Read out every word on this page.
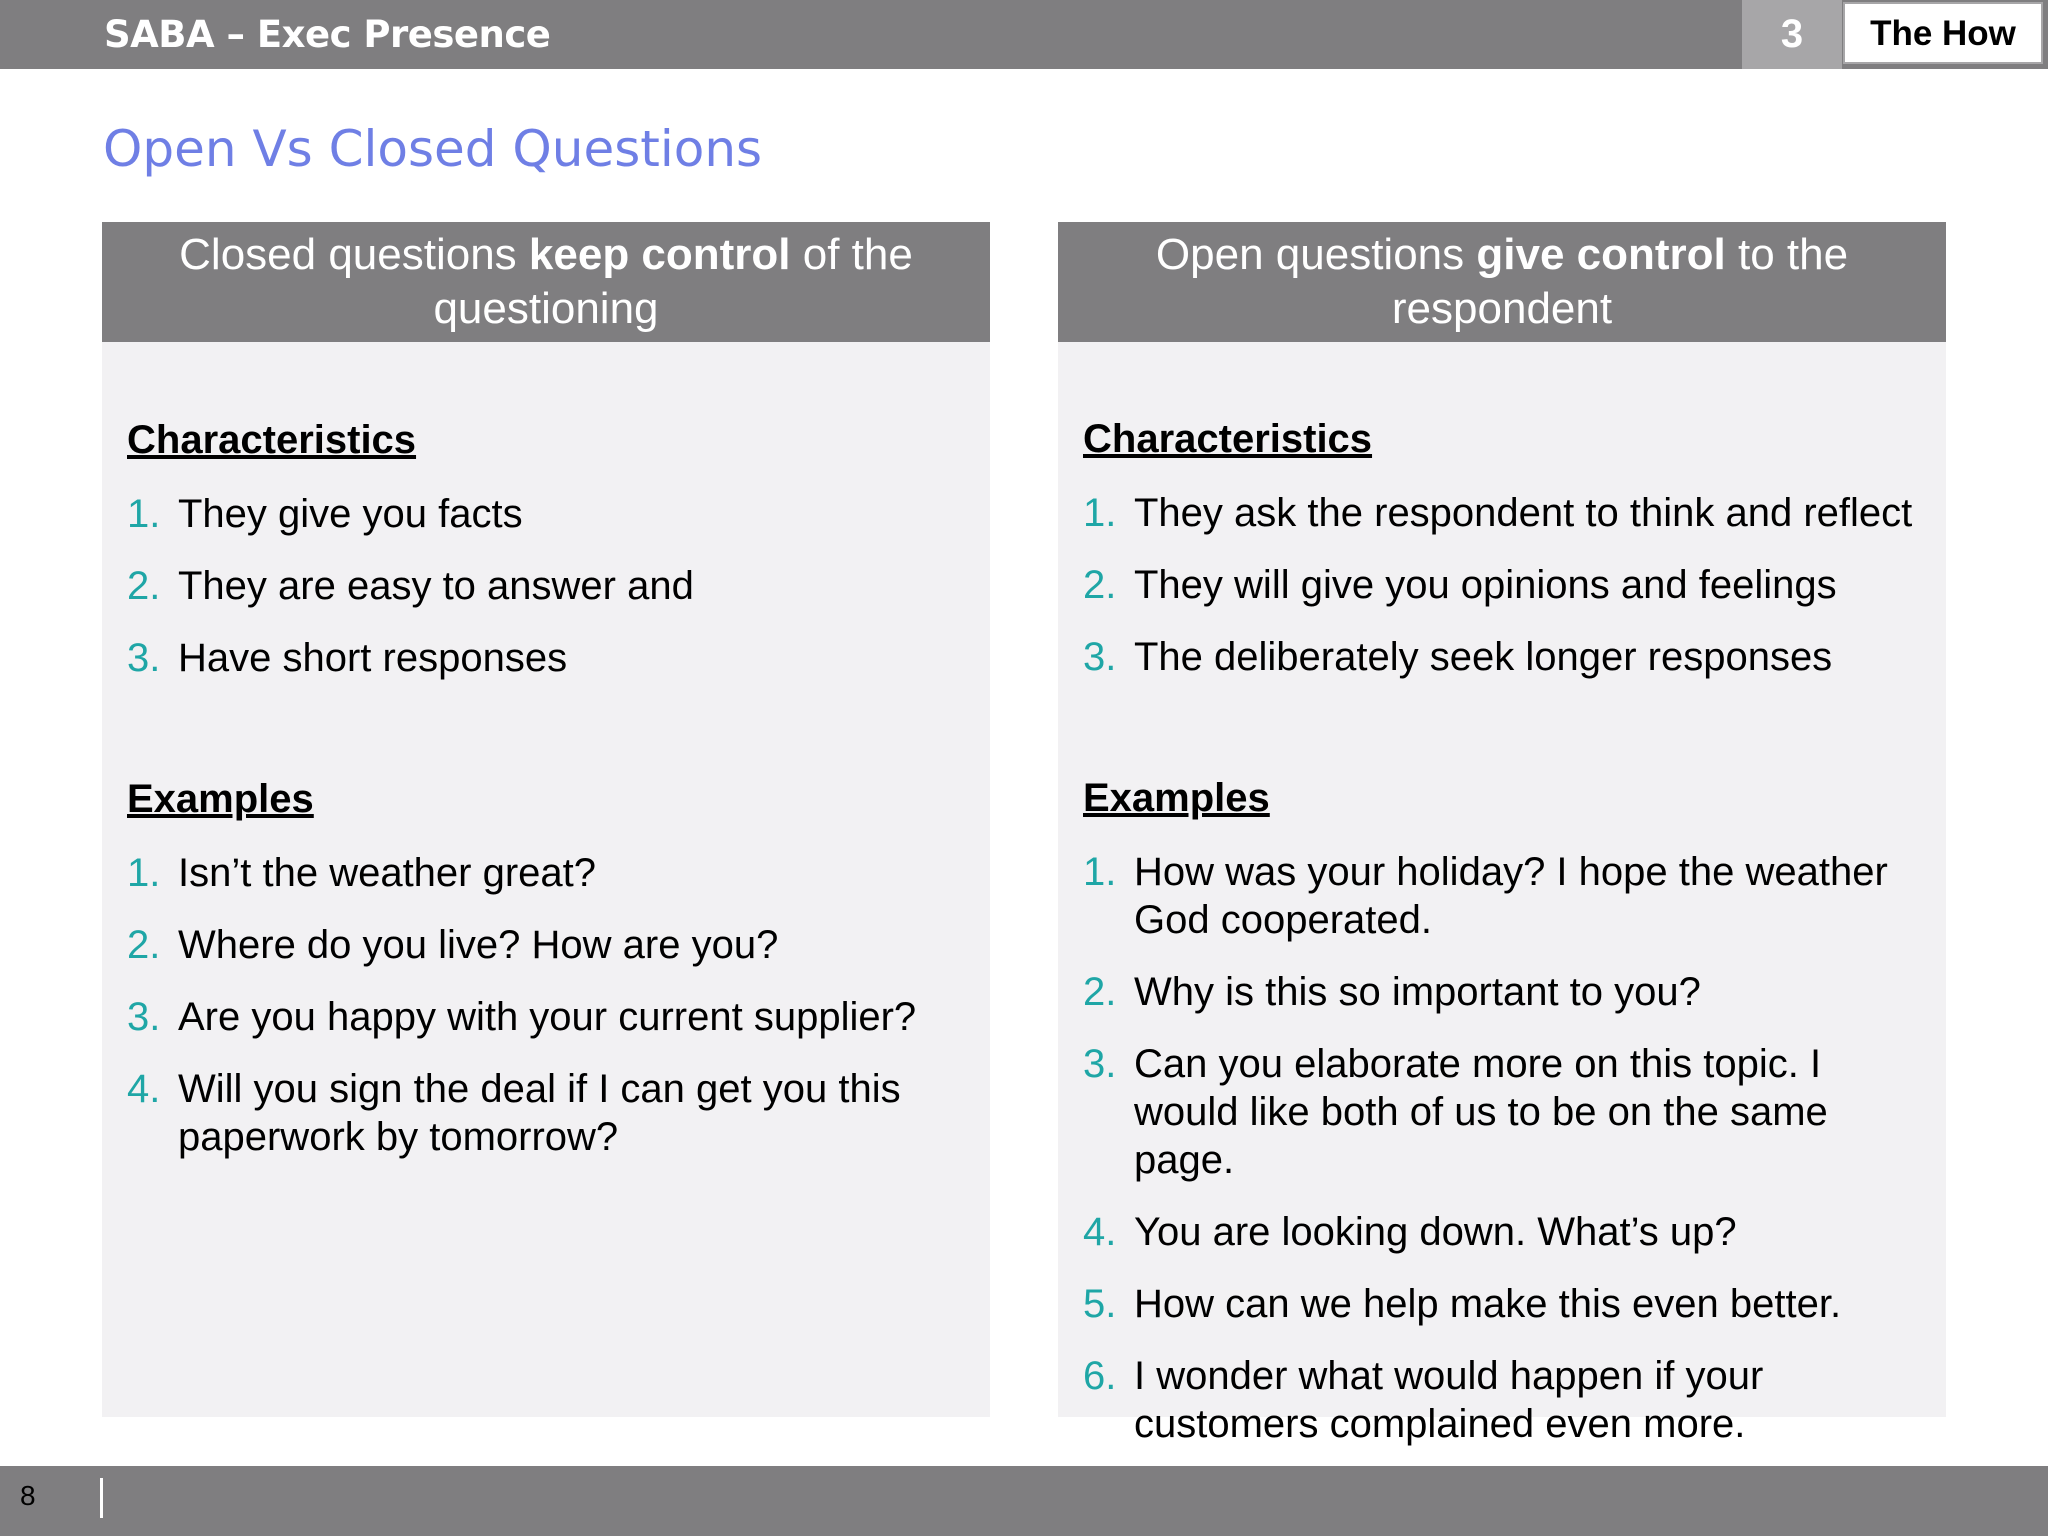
SABA – Exec Presence	3	The How
Open Vs Closed Questions
Closed questions keep control of the
questioning
Characteristics
1. They give you facts
2. They are easy to answer and
3. Have short responses
Examples
1. Isn’t the weather great?
2. Where do you live? How are you?
3. Are you happy with your current supplier?
4. Will you sign the deal if I can get you this paperwork by tomorrow?
Open questions give control to the
respondent
Characteristics
1. They ask the respondent to think and reflect
2. They will give you opinions and feelings
3. The deliberately seek longer responses
Examples
1. How was your holiday? I hope the weather God cooperated.
2. Why is this so important to you?
3. Can you elaborate more on this topic. I would like both of us to be on the same page.
4. You are looking down. What’s up?
5. How can we help make this even better.
6. I wonder what would happen if your customers complained even more.
8
